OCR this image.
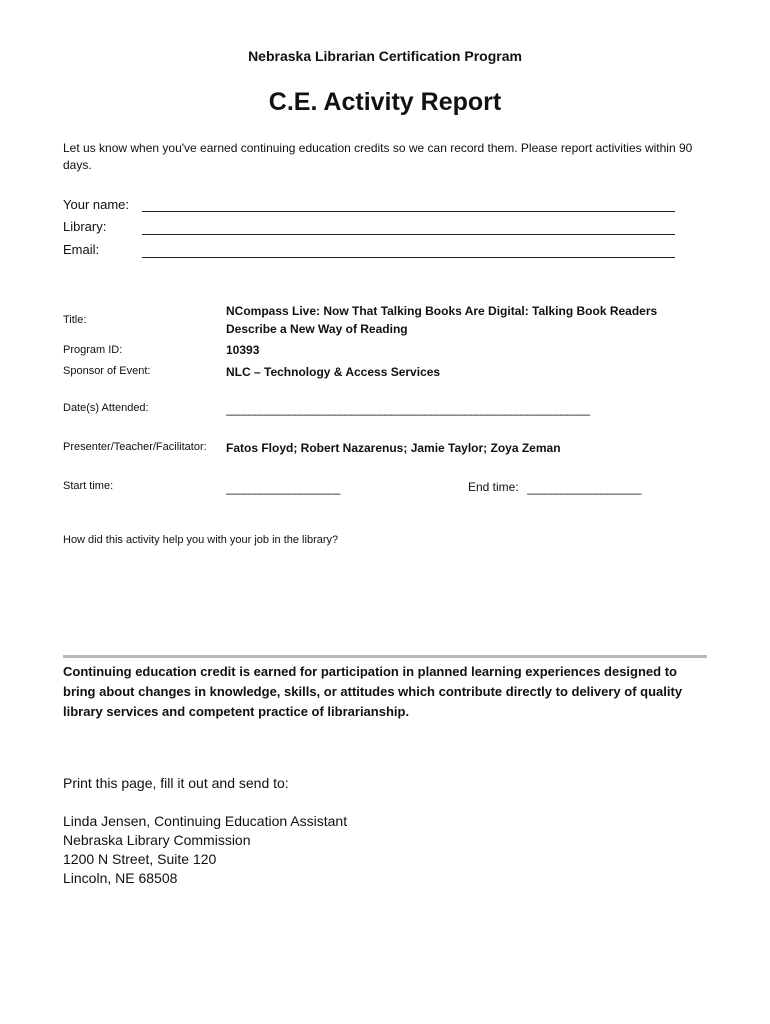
Nebraska Librarian Certification Program
C.E. Activity Report
Let us know when you've earned continuing education credits so we can record them. Please report activities within 90 days.
Your name:
Library:
Email:
Title:
NCompass Live: Now That Talking Books Are Digital: Talking Book Readers Describe a New Way of Reading
Program ID:	10393
Sponsor of Event:	NLC – Technology & Access Services
Date(s) Attended:	________________________________________________________________
Presenter/Teacher/Facilitator: Fatos Floyd; Robert Nazarenus; Jamie Taylor; Zoya Zeman
Start time:	____________________	End time: ____________________
How did this activity help you with your job in the library?
Continuing education credit is earned for participation in planned learning experiences designed to bring about changes in knowledge, skills, or attitudes which contribute directly to delivery of quality library services and competent practice of librarianship.
Print this page, fill it out and send to:
Linda Jensen, Continuing Education Assistant
Nebraska Library Commission
1200 N Street, Suite 120
Lincoln, NE 68508
